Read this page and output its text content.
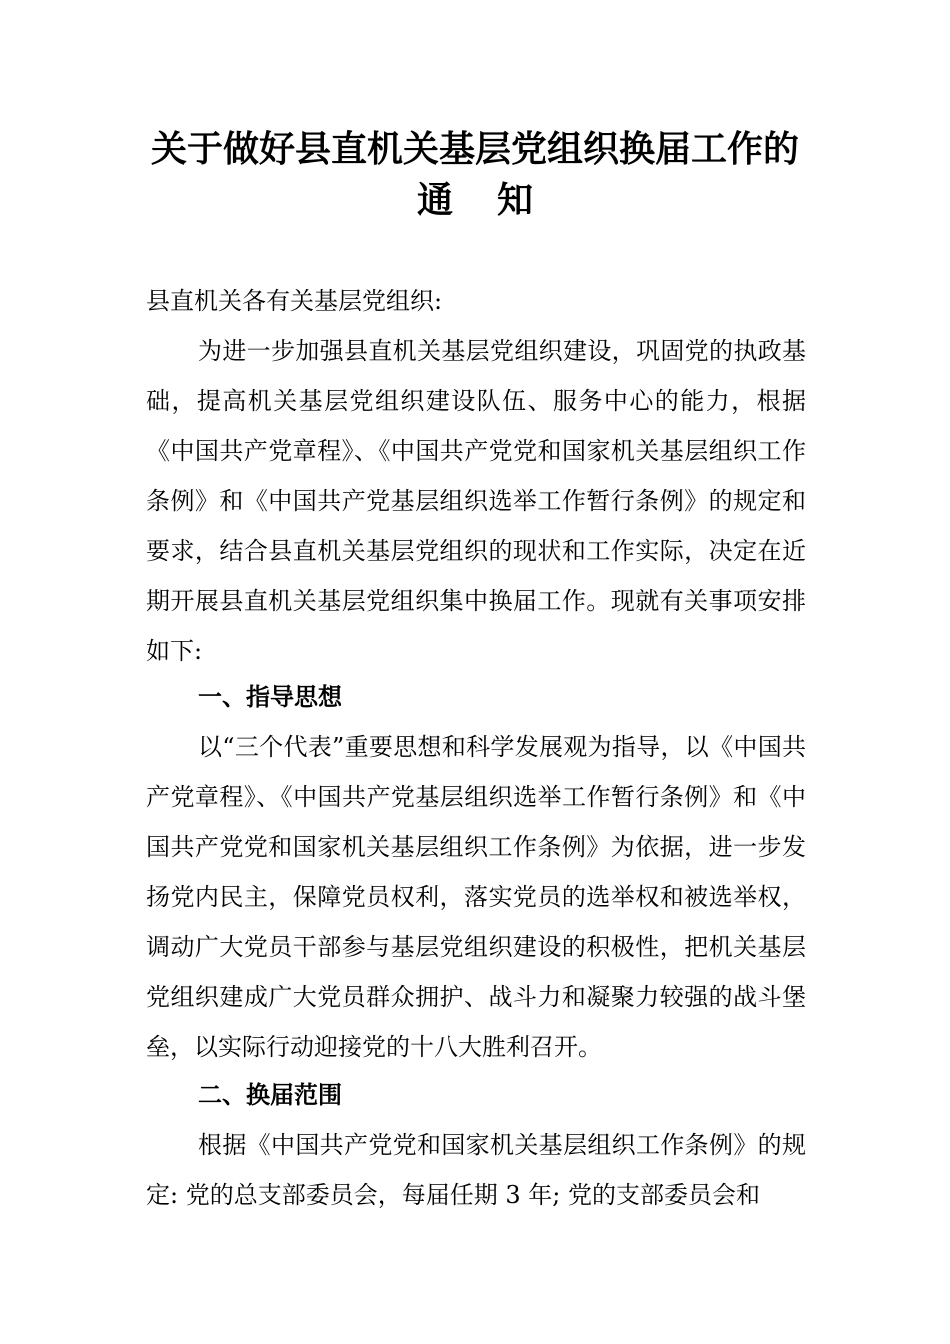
关于做好县直机关基层党组织换届工作的
通知
县直机关各有关基层党组织:
为进一步加强县直机关基层党组织建设，巩固党的执政基础，提高机关基层党组织建设队伍、服务中心的能力，根据《中国共产党章程》、《中国共产党党和国家机关基层组织工作条例》和《中国共产党基层组织选举工作暂行条例》的规定和要求，结合县直机关基层党组织的现状和工作实际，决定在近期开展县直机关基层党组织集中换届工作。现就有关事项安排如下:
一、指导思想
以“三个代表”重要思想和科学发展观为指导，以《中国共产党章程》、《中国共产党基层组织选举工作暂行条例》和《中国共产党党和国家机关基层组织工作条例》为依据，进一步发扬党内民主，保障党员权利，落实党员的选举权和被选举权，调动广大党员干部参与基层党组织建设的积极性，把机关基层党组织建成广大党员群众拥护、战斗力和凝聚力较强的战斗堡垒，以实际行动迎接党的十八大胜利召开。
二、换届范围
根据《中国共产党党和国家机关基层组织工作条例》的规定: 党的总支部委员会，每届任期 3 年; 党的支部委员会和
